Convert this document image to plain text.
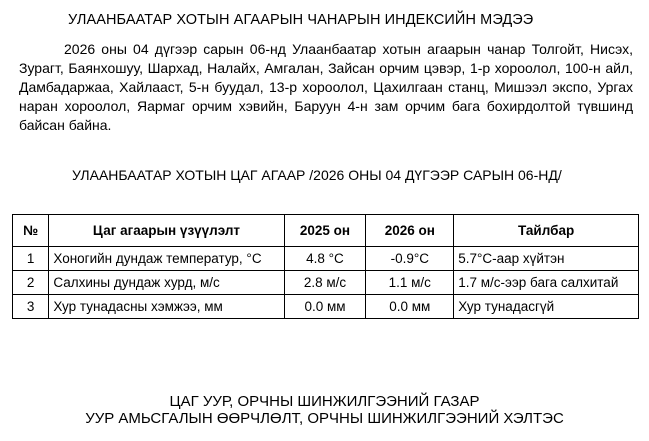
УЛААНБААТАР ХОТЫН АГААРЫН ЧАНАРЫН ИНДЕКСИЙН МЭДЭЭ
2026 оны 04 дүгээр сарын 06-нд Улаанбаатар хотын агаарын чанар Толгойт, Нисэх, Зурагт, Баянхошуу, Шархад, Налайх, Амгалан, Зайсан орчим цэвэр, 1-р хороолол, 100-н айл, Дамбадаржаа, Хайлааст, 5-н буудал, 13-р хороолол, Цахилгаан станц, Мишээл экспо, Ургах наран хороолол, Яармаг орчим хэвийн, Баруун 4-н зам орчим бага бохирдолтой түвшинд байсан байна.
УЛААНБААТАР ХОТЫН ЦАГ АГААР /2026 ОНЫ 04 ДҮГЭЭР САРЫН 06-НД/
№	Цаг агаарын үзүүлэлт	2025 он	2026 он	Тайлбар
1	Хоногийн дундаж температур, °C	4.8 °C	-0.9°C	5.7°C-аар хүйтэн
2	Салхины дундаж хурд, м/с	2.8 м/с	1.1 м/с	1.7 м/с-ээр бага салхитай
3	Хур тунадасны хэмжээ, мм	0.0 мм	0.0 мм	Хур тунадасгүй
ЦАГ УУР, ОРЧНЫ ШИНЖИЛГЭЭНИЙ ГАЗАР
УУР АМЬСГАЛЫН ӨӨРЧЛӨЛТ, ОРЧНЫ ШИНЖИЛГЭЭНИЙ ХЭЛТЭС
